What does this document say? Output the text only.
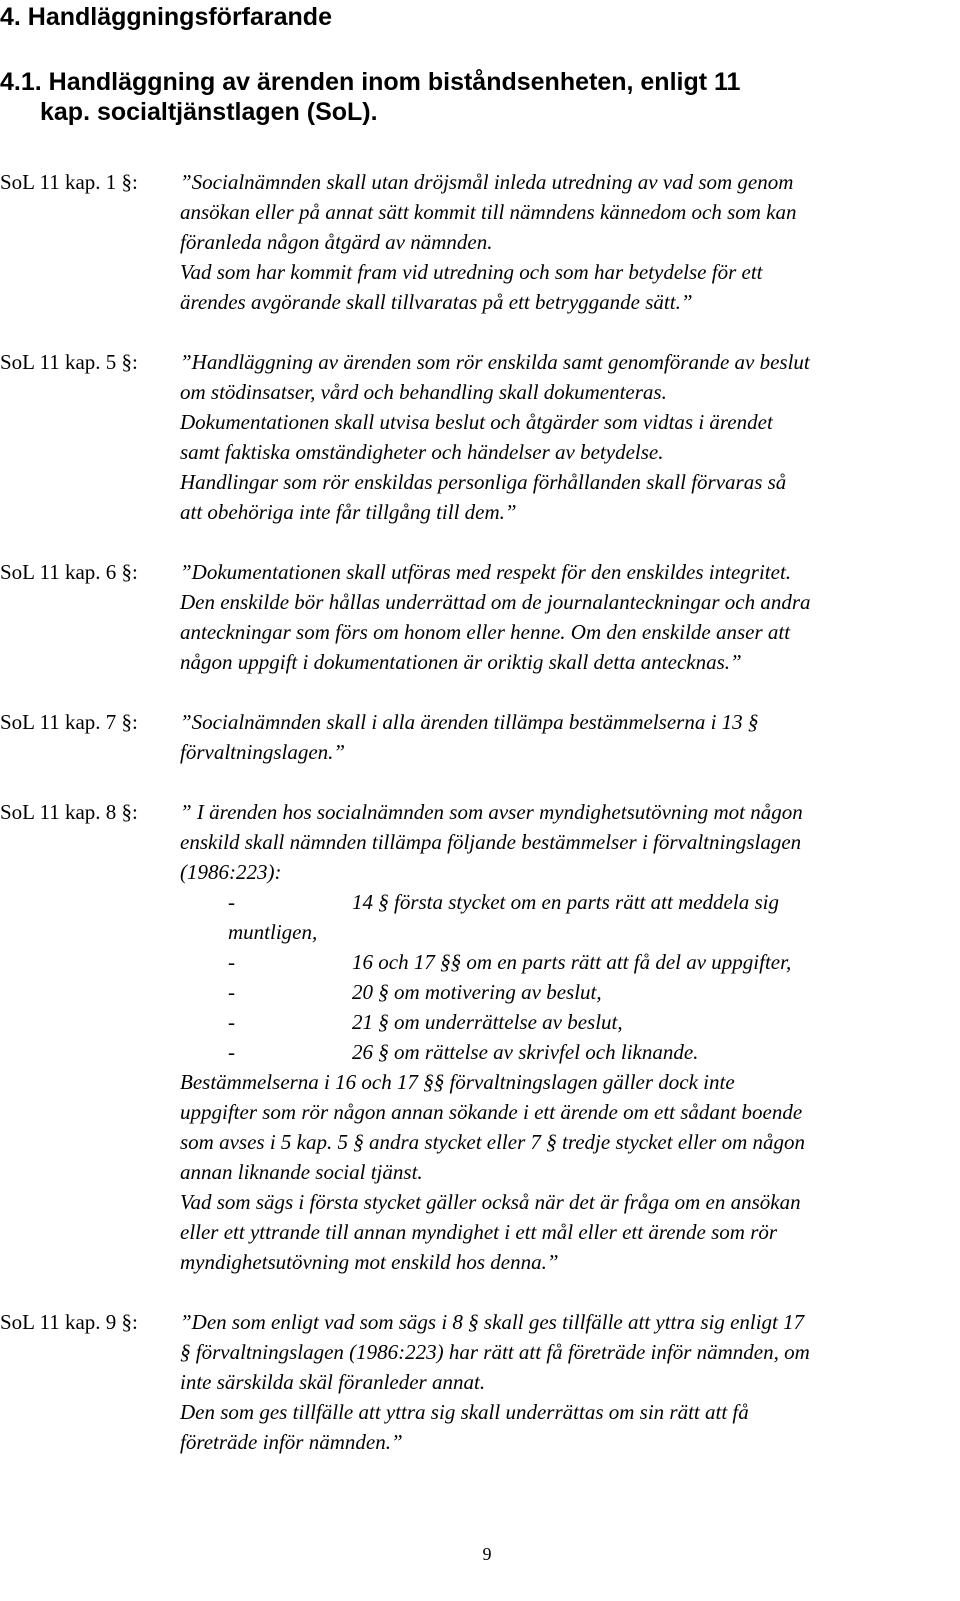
4. Handläggningsförfarande
4.1. Handläggning av ärenden inom biståndsenheten, enligt 11
kap. socialtjänstlagen (SoL).
SoL 11 kap. 1 §: ”Socialnämnden skall utan dröjsmål inleda utredning av vad som genom
ansökan eller på annat sätt kommit till nämndens kännedom och som kan
föranleda någon åtgärd av nämnden.
Vad som har kommit fram vid utredning och som har betydelse för ett
ärendes avgörande skall tillvaratas på ett betryggande sätt.”
SoL 11 kap. 5 §: ”Handläggning av ärenden som rör enskilda samt genomförande av beslut
om stödinsatser, vård och behandling skall dokumenteras.
Dokumentationen skall utvisa beslut och åtgärder som vidtas i ärendet
samt faktiska omständigheter och händelser av betydelse.
Handlingar som rör enskildas personliga förhållanden skall förvaras så
att obehöriga inte får tillgång till dem.”
SoL 11 kap. 6 §: ”Dokumentationen skall utföras med respekt för den enskildes integritet.
Den enskilde bör hållas underrättad om de journalanteckningar och andra
anteckningar som förs om honom eller henne. Om den enskilde anser att
någon uppgift i dokumentationen är oriktig skall detta antecknas.”
SoL 11 kap. 7 §: ”Socialnämnden skall i alla ärenden tillämpa bestämmelserna i 13 §
förvaltningslagen.”
SoL 11 kap. 8 §: ” I ärenden hos socialnämnden som avser myndighetsutövning mot någon
enskild skall nämnden tillämpa följande bestämmelser i förvaltningslagen
(1986:223):
-	14 § första stycket om en parts rätt att meddela sig
muntligen,
-	16 och 17 §§ om en parts rätt att få del av uppgifter,
-	20 § om motivering av beslut,
-	21 § om underrättelse av beslut,
-	26 § om rättelse av skrivfel och liknande.
Bestämmelserna i 16 och 17 §§ förvaltningslagen gäller dock inte
uppgifter som rör någon annan sökande i ett ärende om ett sådant boende
som avses i 5 kap. 5 § andra stycket eller 7 § tredje stycket eller om någon
annan liknande social tjänst.
Vad som sägs i första stycket gäller också när det är fråga om en ansökan
eller ett yttrande till annan myndighet i ett mål eller ett ärende som rör
myndighetsutövning mot enskild hos denna.”
SoL 11 kap. 9 §: ”Den som enligt vad som sägs i 8 § skall ges tillfälle att yttra sig enligt 17
§ förvaltningslagen (1986:223) har rätt att få företräde inför nämnden, om
inte särskilda skäl föranleder annat.
Den som ges tillfälle att yttra sig skall underrättas om sin rätt att få
företräde inför nämnden.”
9
